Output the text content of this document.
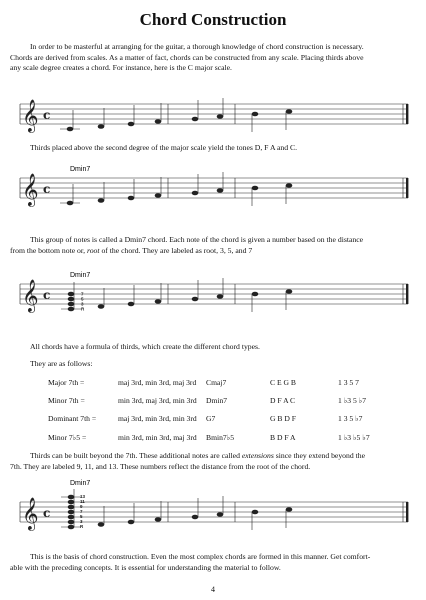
Chord Construction

In order to be masterful at arranging for the guitar, a thorough knowledge of chord construction is necessary.
Chords are derived from scales. As a matter of fact, chords can be constructed from any scale. Placing thirds above
any scale degree creates a chord. For instance, here is the C major scale.

𝄞 c

Thirds placed above the second degree of the major scale yield the tones D, F A and C.

Dmin7
𝄞 c
This group of notes is called a Dmin7 chord. Each note of the chord is given a number based on the distance
from the bottom note or, root of the chord. They are labeled as root, 3, 5, and 7
Dmin7
𝄞 c	7
5
3
R

All chords have a formula of thirds, which create the different chord types.

They are as follows:

Major 7th =	maj 3rd, min 3rd, maj 3rd Cmaj7	C E G B	1 3 5 7
Minor 7th =	min 3rd, maj 3rd, min 3rd Dmin7	D F A C	1 ♭3 5 ♭7
Dominant 7th =	maj 3rd, min 3rd, min 3rd G7	G B D F	1 3 5 ♭7
Minor 7♭5 =	min 3rd, min 3rd, maj 3rd Bmin7♭5	B D F A	1 ♭3 ♭5 ♭7
Thirds can be built beyond the 7th. These additional notes are called extensions since they extend beyond the
7th. They are labeled 9, 11, and 13. These numbers reflect the distance from the root of the chord.
Dmin7
𝄞 c
13
11
9
7
5
3
R
This is the basis of chord construction. Even the most complex chords are formed in this manner. Get comfort-
able with the preceding concepts. It is essential for understanding the material to follow.
4
